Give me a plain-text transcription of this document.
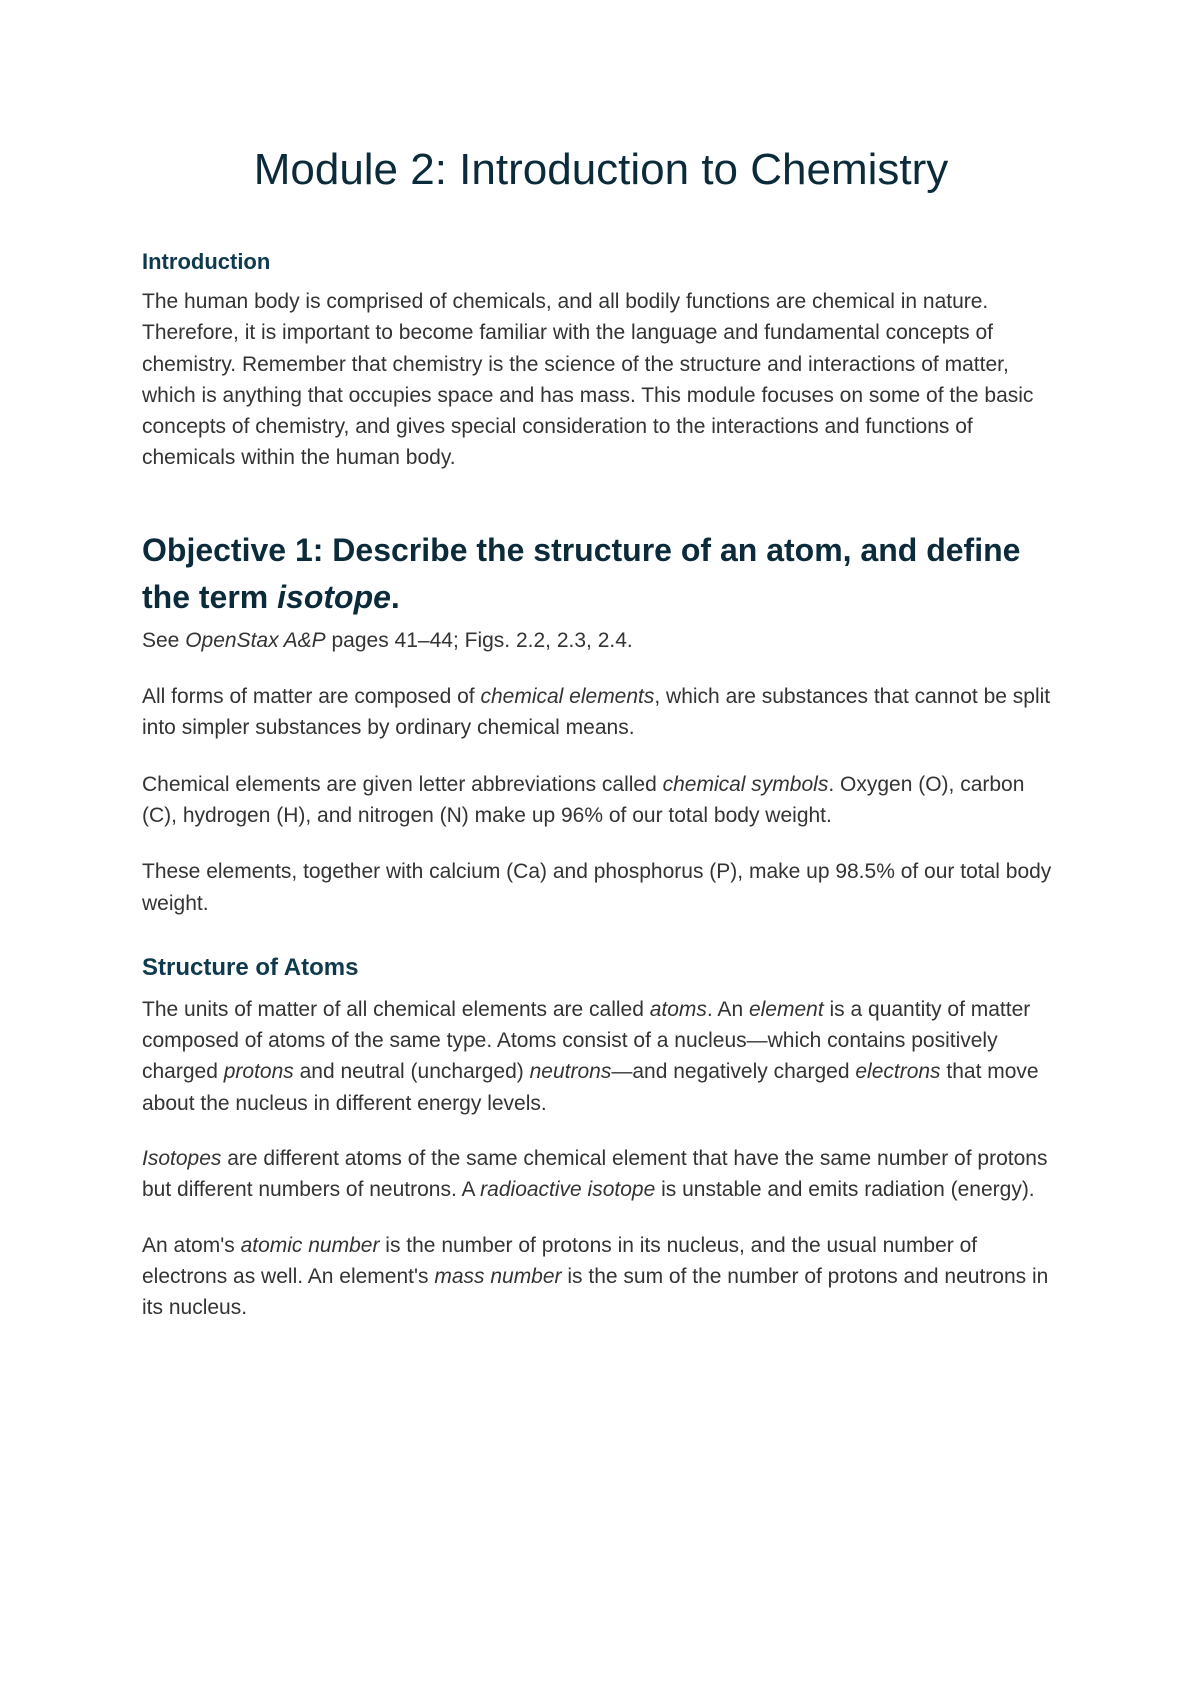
Module 2: Introduction to Chemistry
Introduction

The human body is comprised of chemicals, and all bodily functions are chemical in nature. Therefore, it is important to become familiar with the language and fundamental concepts of chemistry. Remember that chemistry is the science of the structure and interactions of matter, which is anything that occupies space and has mass. This module focuses on some of the basic concepts of chemistry, and gives special consideration to the interactions and functions of chemicals within the human body.

Objective 1: Describe the structure of an atom, and define the term isotope.

See OpenStax A&P pages 41–44; Figs. 2.2, 2.3, 2.4.

All forms of matter are composed of chemical elements, which are substances that cannot be split into simpler substances by ordinary chemical means.

Chemical elements are given letter abbreviations called chemical symbols. Oxygen (O), carbon (C), hydrogen (H), and nitrogen (N) make up 96% of our total body weight.

These elements, together with calcium (Ca) and phosphorus (P), make up 98.5% of our total body weight.

Structure of Atoms

The units of matter of all chemical elements are called atoms. An element is a quantity of matter composed of atoms of the same type. Atoms consist of a nucleus—which contains positively charged protons and neutral (uncharged) neutrons—and negatively charged electrons that move about the nucleus in different energy levels.

Isotopes are different atoms of the same chemical element that have the same number of protons but different numbers of neutrons. A radioactive isotope is unstable and emits radiation (energy).

An atom's atomic number is the number of protons in its nucleus, and the usual number of electrons as well. An element's mass number is the sum of the number of protons and neutrons in its nucleus.
